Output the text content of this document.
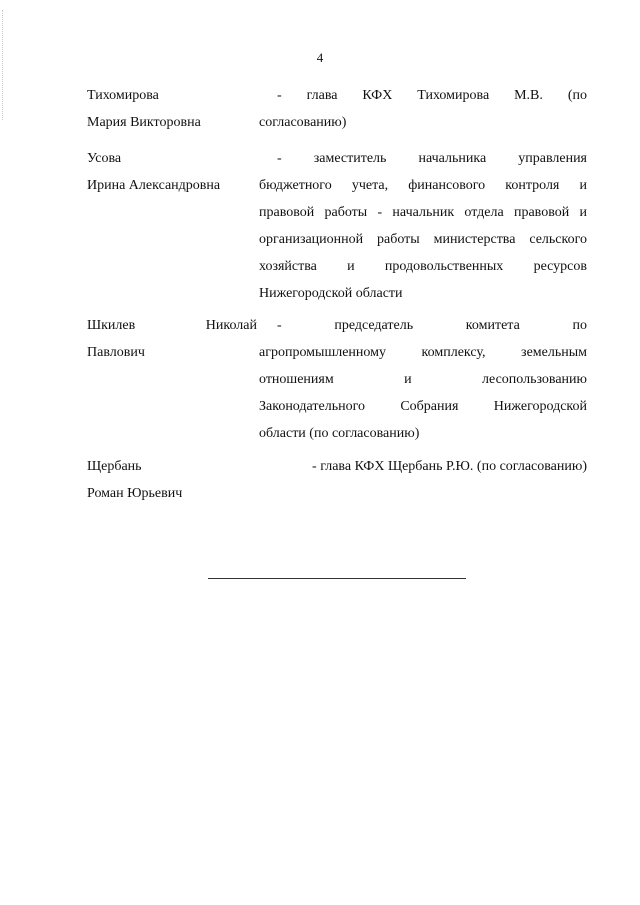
4
Тихомирова
Мария Викторовна
- глава КФХ Тихомирова М.В. (по
согласованию)
Усова
Ирина Александровна
- заместитель начальника управления
бюджетного учета, финансового контроля и
правовой работы - начальник отдела правовой и
организационной работы министерства сельского
хозяйства и продовольственных ресурсов
Нижегородской области
Шкилев Николай
Павлович
- председатель комитета по
агропромышленному комплексу, земельным
отношениям и лесопользованию
Законодательного Собрания Нижегородской
области (по согласованию)
Щербань
Роман Юрьевич
- глава КФХ Щербань Р.Ю. (по согласованию)
